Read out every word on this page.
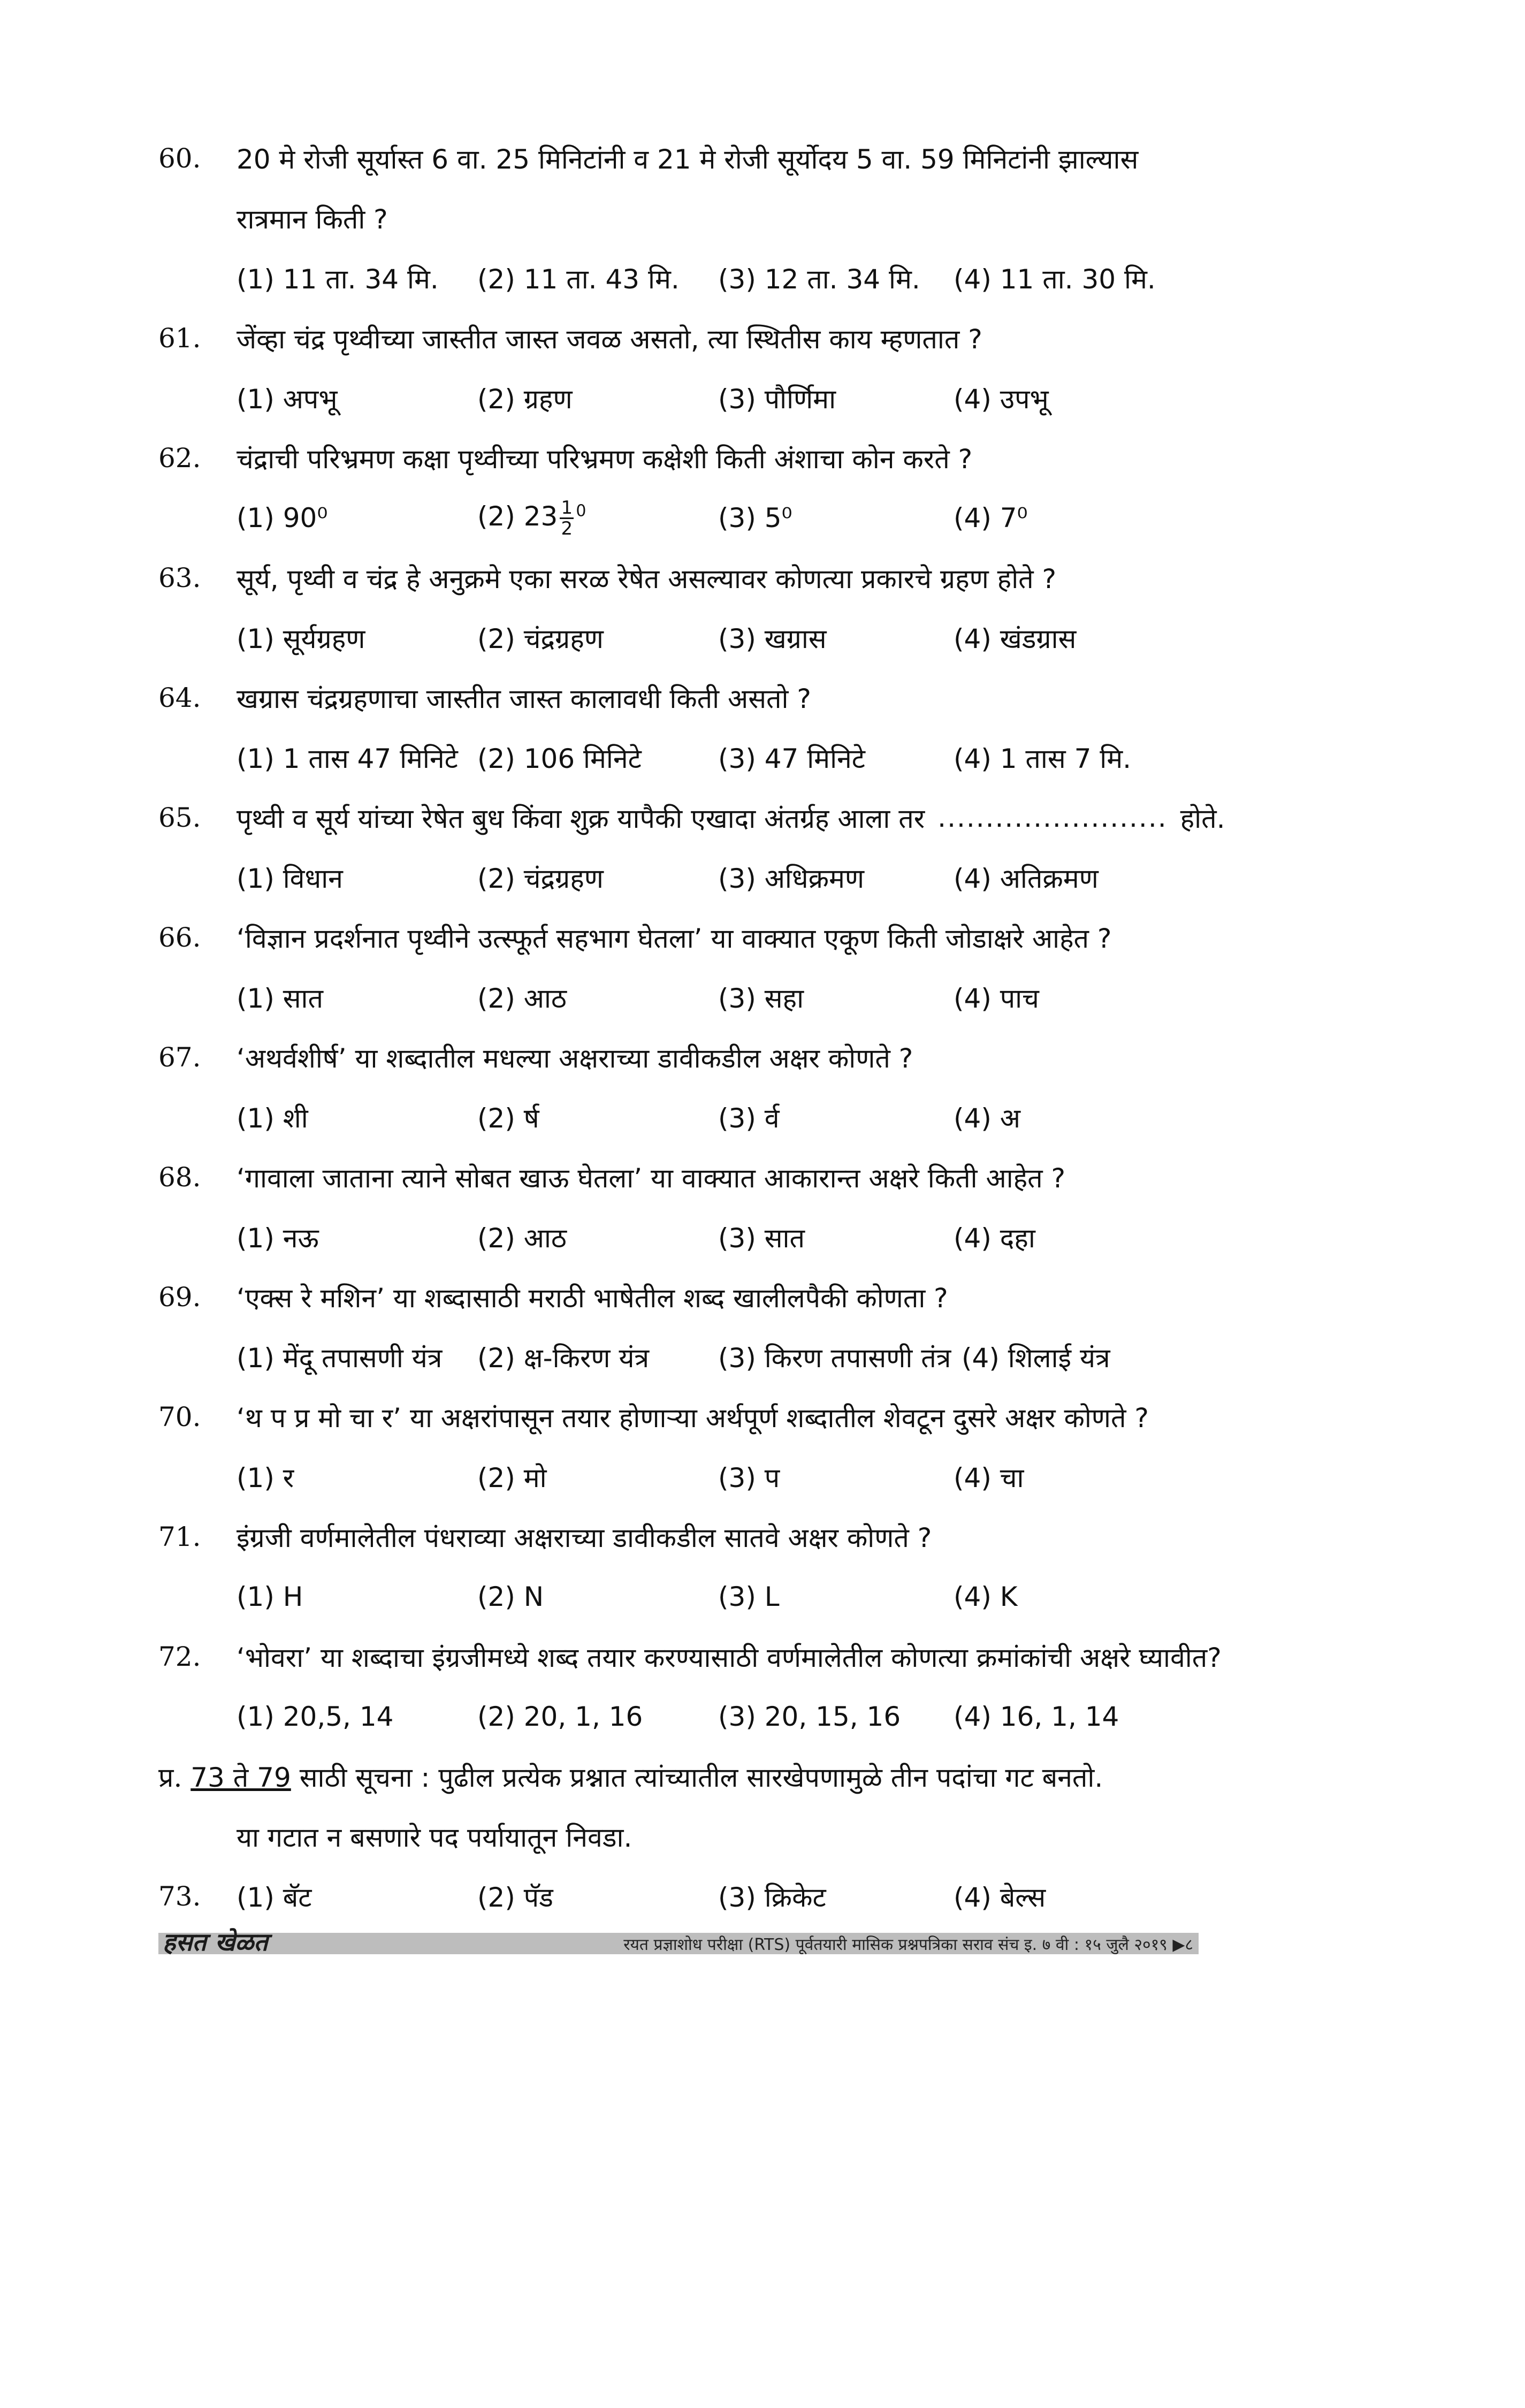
60.	20 मे रोजी सूर्यास्त 6 वा. 25 मिनिटांनी व 21 मे रोजी सूर्योदय 5 वा. 59 मिनिटांनी झाल्यास
रात्रमान किती ?
(1) 11 ता. 34 मि.	(2) 11 ता. 43 मि.	(3) 12 ता. 34 मि.	(4) 11 ता. 30 मि.
61.	जेंव्हा चंद्र पृथ्वीच्या जास्तीत जास्त जवळ असतो, त्या स्थितीस काय म्हणतात ?
(1) अपभू	(2) ग्रहण	(3) पौर्णिमा	(4) उपभू
62.	चंद्राची परिभ्रमण कक्षा पृथ्वीच्या परिभ्रमण कक्षेशी किती अंशाचा कोन करते ?
(1) 90⁰	(2) $23 \frac{1}{2} ^0$	(3) 5⁰	(4) 7⁰
63.	सूर्य, पृथ्वी व चंद्र हे अनुक्रमे एका सरळ रेषेत असल्यावर कोणत्या प्रकारचे ग्रहण होते ?
(1) सूर्यग्रहण	(2) चंद्रग्रहण	(3) खग्रास	(4) खंडग्रास
64.	खग्रास चंद्रग्रहणाचा जास्तीत जास्त कालावधी किती असतो ?
(1) 1 तास 47 मिनिटे (2) 106 मिनिटे	(3) 47 मिनिटे	(4) 1 तास 7 मि.
65.	पृथ्वी व सूर्य यांच्या रेषेत बुध किंवा शुक्र यापैकी एखादा अंतर्ग्रह आला तर ........................ होते.
(1) विधान	(2) चंद्रग्रहण	(3) अधिक्रमण	(4) अतिक्रमण
66.	‘विज्ञान प्रदर्शनात पृथ्वीने उत्स्फूर्त सहभाग घेतला’ या वाक्यात एकूण किती जोडाक्षरे आहेत ?
(1) सात	(2) आठ	(3) सहा	(4) पाच
67.	‘अथर्वशीर्ष’ या शब्दातील मधल्या अक्षराच्या डावीकडील अक्षर कोणते ?
(1) शी	(2) र्ष	(3) र्व	(4) अ
68.	‘गावाला जाताना त्याने सोबत खाऊ घेतला’ या वाक्यात आकारान्त अक्षरे किती आहेत ?
(1) नऊ	(2) आठ	(3) सात	(4) दहा
69.	‘एक्स रे मशिन’ या शब्दासाठी मराठी भाषेतील शब्द खालीलपैकी कोणता ?
(1) मेंदू तपासणी यंत्र	(2) क्ष-किरण यंत्र	(3) किरण तपासणी तंत्र (4) शिलाई यंत्र
70.	‘थ प प्र मो चा र’ या अक्षरांपासून तयार होणाऱ्या अर्थपूर्ण शब्दातील शेवटून दुसरे अक्षर कोणते ?
(1) र	(2) मो	(3) प	(4) चा
71.	इंग्रजी वर्णमालेतील पंधराव्या अक्षराच्या डावीकडील सातवे अक्षर कोणते ?
(1) H	(2) N	(3) L	(4) K
72.	‘भोवरा’ या शब्दाचा इंग्रजीमध्ये शब्द तयार करण्यासाठी वर्णमालेतील कोणत्या क्रमांकांची अक्षरे घ्यावीत?
(1) 20,5, 14	(2) 20, 1, 16	(3) 20, 15, 16	(4) 16, 1, 14
प्र.
73 ते 79
साठी सूचना : पुढील प्रत्येक प्रश्नात त्यांच्यातील सारखेपणामुळे तीन पदांचा गट बनतो.
या गटात न बसणारे पद पर्यायातून निवडा.
73.	(1) बॅट	(2) पॅड	(3) क्रिकेट	(4) बेल्स
हसत खेळत	रयत प्रज्ञाशोध परीक्षा (RTS) पूर्वतयारी मासिक प्रश्नपत्रिका सराव संच इ. ७ वी : १५ जुलै २०१९ ▶८
